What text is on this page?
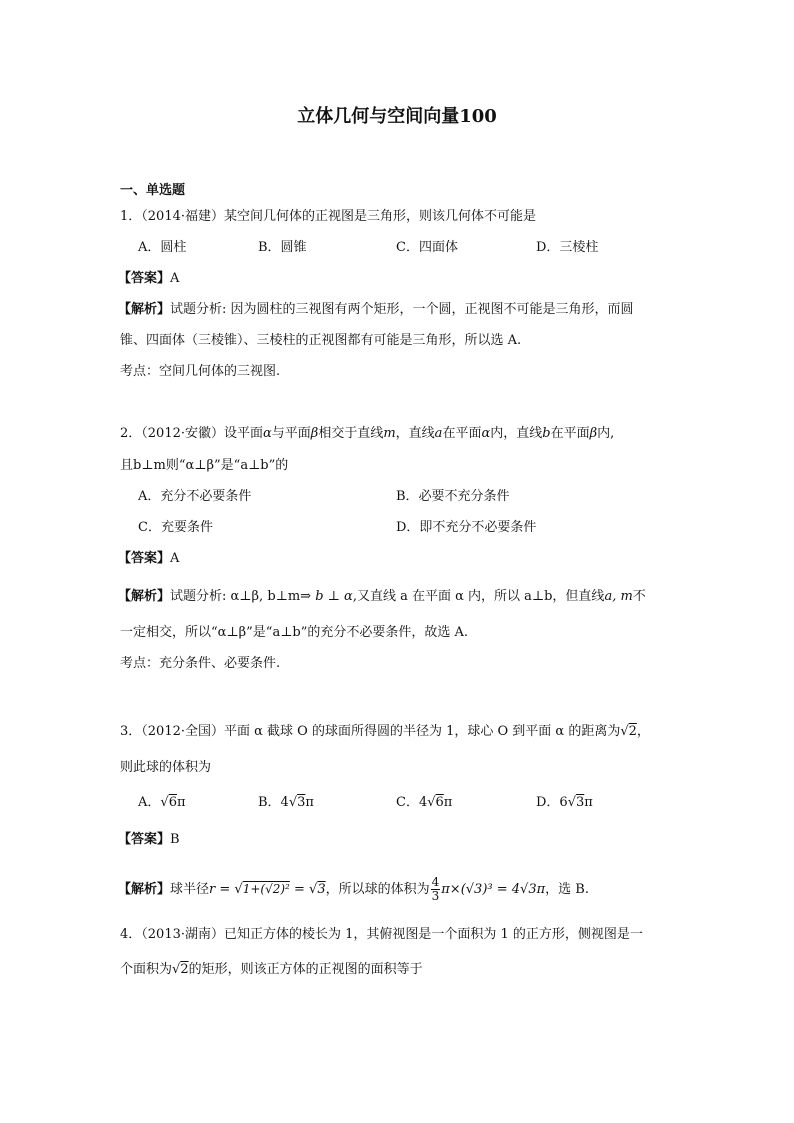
立体几何与空间向量100
一、单选题
1．（2014·福建）某空间几何体的正视图是三角形，则该几何体不可能是
A．圆柱	B．圆锥	C．四面体	D．三棱柱
【答案】A
【解析】试题分析: 因为圆柱的三视图有两个矩形，一个圆，正视图不可能是三角形，而圆
锥、四面体（三棱锥）、三棱柱的正视图都有可能是三角形，所以选 A.
考点：空间几何体的三视图.
2．（2012·安徽）设平面α与平面β相交于直线m，直线a在平面α内，直线b在平面β内,
且b⊥m则“α⊥β”是“a⊥b”的
A．充分不必要条件	B．必要不充分条件
C．充要条件	D．即不充分不必要条件
【答案】A
【解析】试题分析: α⊥β, b⊥m⇒ b ⊥ α,又直线 a 在平面 α 内，所以 a⊥b，但直线a, m不
一定相交，所以“α⊥β”是“a⊥b”的充分不必要条件，故选 A.
考点：充分条件、必要条件.
3．（2012·全国）平面 α 截球 O 的球面所得圆的半径为 1，球心 O 到平面 α 的距离为√2，
则此球的体积为
A．√6π	B．4√3π	C．4√6π	D．6√3π
【答案】B
【解析】球半径r = √1+(√2)² = √3，所以球的体积为 $\frac{4}{3} \pi\times(√3)^3 = 4√3\pi$，选 B.
4．（2013·湖南）已知正方体的棱长为 1，其俯视图是一个面积为 1 的正方形，侧视图是一
个面积为√2的矩形，则该正方体的正视图的面积等于
